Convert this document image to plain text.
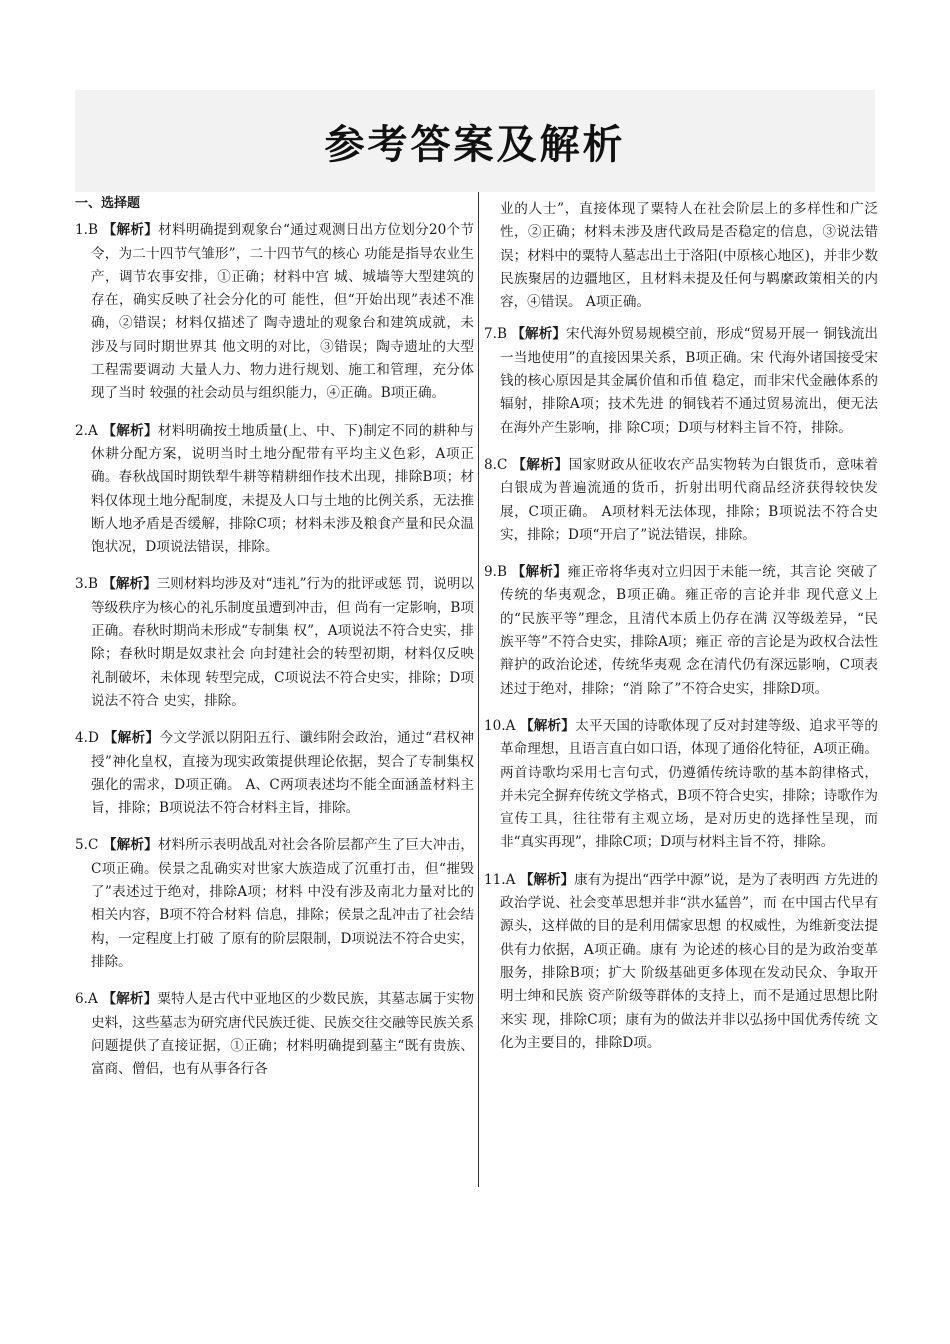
参考答案及解析
一、选择题
1.B 【解析】材料明确提到观象台“通过观测日出方位划分20个节令，为二十四节气雏形”，二十四节气的核心 功能是指导农业生产，调节农事安排，①正确；材料中宫 城、城墙等大型建筑的存在，确实反映了社会分化的可 能性，但“开始出现”表述不准确，②错误；材料仅描述了 陶寺遗址的观象台和建筑成就，未涉及与同时期世界其 他文明的对比，③错误；陶寺遗址的大型工程需要调动 大量人力、物力进行规划、施工和管理，充分体现了当时 较强的社会动员与组织能力，④正确。B项正确。
2.A 【解析】材料明确按土地质量(上、中、下)制定不同的耕种与休耕分配方案，说明当时土地分配带有平均主义色彩，A项正确。春秋战国时期铁犁牛耕等精耕细作技术出现，排除B项；材料仅体现土地分配制度，未提及人口与土地的比例关系，无法推断人地矛盾是否缓解，排除C项；材料未涉及粮食产量和民众温饱状况，D项说法错误，排除。
3.B 【解析】三则材料均涉及对“违礼”行为的批评或惩 罚，说明以等级秩序为核心的礼乐制度虽遭到冲击，但 尚有一定影响，B项正确。春秋时期尚未形成“专制集 权”，A项说法不符合史实，排除；春秋时期是奴隶社会 向封建社会的转型初期，材料仅反映礼制破坏，未体现 转型完成，C项说法不符合史实，排除；D项说法不符合 史实，排除。
4.D 【解析】今文学派以阴阳五行、谶纬附会政治，通过“君权神授”神化皇权，直接为现实政策提供理论依据，契合了专制集权强化的需求，D项正确。 A、C两项表述均不能全面涵盖材料主旨，排除；B项说法不符合材料主旨，排除。
5.C 【解析】材料所示表明战乱对社会各阶层都产生了巨大冲击，C项正确。侯景之乱确实对世家大族造成了沉重打击，但“摧毁了”表述过于绝对，排除A项；材料 中没有涉及南北力量对比的相关内容，B项不符合材料 信息，排除；侯景之乱冲击了社会结构，一定程度上打破 了原有的阶层限制，D项说法不符合史实，排除。
6.A 【解析】粟特人是古代中亚地区的少数民族，其墓志属于实物史料，这些墓志为研究唐代民族迁徙、民族交往交融等民族关系问题提供了直接证据，①正确；材料明确提到墓主“既有贵族、富商、僧侣，也有从事各行各
业的人士”，直接体现了粟特人在社会阶层上的多样性和广泛性，②正确；材料未涉及唐代政局是否稳定的信息，③说法错误；材料中的粟特人墓志出土于洛阳(中原核心地区)，并非少数民族聚居的边疆地区，且材料未提及任何与羁縻政策相关的内容，④错误。 A项正确。
7.B 【解析】宋代海外贸易规模空前，形成“贸易开展一 铜钱流出一当地使用”的直接因果关系，B项正确。宋 代海外诸国接受宋钱的核心原因是其金属价值和币值 稳定，而非宋代金融体系的辐射，排除A项；技术先进 的铜钱若不通过贸易流出，便无法在海外产生影响，排 除C项；D项与材料主旨不符，排除。
8.C 【解析】国家财政从征收农产品实物转为白银货币，意味着白银成为普遍流通的货币，折射出明代商品经济获得较快发展，C项正确。 A项材料无法体现，排除；B项说法不符合史实，排除；D项“开启了”说法错误，排除。
9.B 【解析】雍正帝将华夷对立归因于未能一统，其言论 突破了传统的华夷观念，B项正确。雍正帝的言论并非 现代意义上的“民族平等”理念，且清代本质上仍存在满 汉等级差异，“民族平等”不符合史实，排除A项；雍正 帝的言论是为政权合法性辩护的政治论述，传统华夷观 念在清代仍有深远影响，C项表述过于绝对，排除；“消 除了”不符合史实，排除D项。
10.A 【解析】太平天国的诗歌体现了反对封建等级、追求平等的革命理想，且语言直白如口语，体现了通俗化特征，A项正确。两首诗歌均采用七言句式，仍遵循传统诗歌的基本韵律格式，并未完全摒弃传统文学格式，B项不符合史实，排除；诗歌作为宣传工具，往往带有主观立场，是对历史的选择性呈现，而非“真实再现”，排除C项；D项与材料主旨不符，排除。
11.A 【解析】康有为提出“西学中源”说，是为了表明西 方先进的政治学说、社会变革思想并非“洪水猛兽”，而 在中国古代早有源头，这样做的目的是利用儒家思想 的权威性，为维新变法提供有力依据，A项正确。康有 为论述的核心目的是为政治变革服务，排除B项；扩大 阶级基础更多体现在发动民众、争取开明士绅和民族 资产阶级等群体的支持上，而不是通过思想比附来实 现，排除C项；康有为的做法并非以弘扬中国优秀传统 文化为主要目的，排除D项。
